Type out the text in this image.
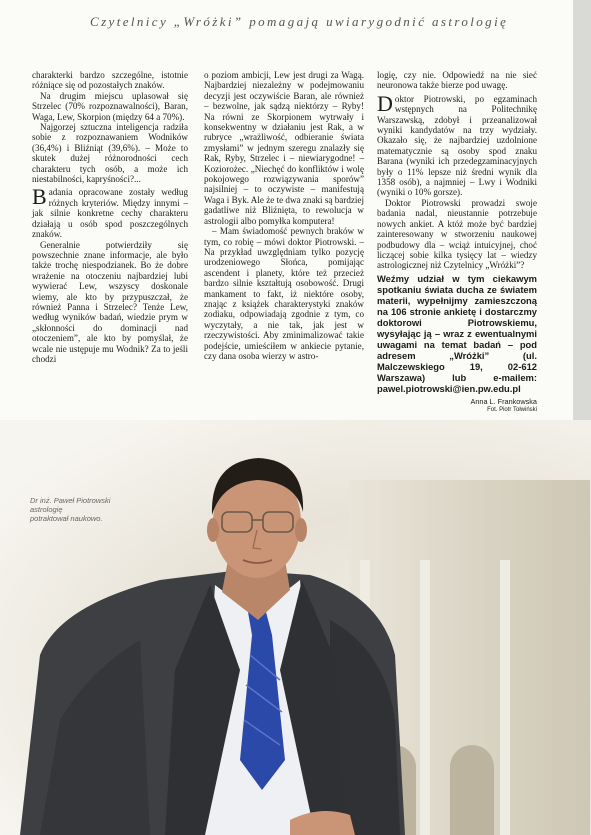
Czytelnicy „Wróżki” pomagają uwiarygodnić astrologię

charakterki bardzo szczególne, istotnie różniące się od pozostałych znaków.

Na drugim miejscu uplasował się Strzelec (70% rozpoznawalności), Baran, Waga, Lew, Skorpion (między 64 a 70%).

Najgorzej sztuczna inteligencja radziła sobie z rozpoznawaniem Wodników (36,4%) i Bliźniąt (39,6%). – Może to skutek dużej różnorodności cech charakteru tych osób, a może ich niestabilności, kapryśności?...

Badania opracowane zostały według różnych kryteriów. Między innymi – jak silnie konkretne cechy charakteru działają u osób spod poszczególnych znaków.

Generalnie potwierdziły się powszechnie znane informacje, ale było także trochę niespodzianek. Bo że dobre wrażenie na otoczeniu najbardziej lubi wywierać Lew, wszyscy doskonale wiemy, ale kto by przypuszczał, że również Panna i Strzelec? Tenże Lew, według wyników badań, wiedzie prym w „skłonności do dominacji nad otoczeniem”, ale kto by pomyślał, że wcale nie ustępuje mu Wodnik? Za to jeśli chodzi

o poziom ambicji, Lew jest drugi za Wagą. Najbardziej niezależny w podejmowaniu decyzji jest oczywiście Baran, ale również – bezwolne, jak sądzą niektórzy – Ryby! Na równi ze Skorpionem wytrwały i konsekwentny w działaniu jest Rak, a w rubryce „wrażliwość, odbieranie świata zmysłami” w jednym szeregu znalazły się Rak, Ryby, Strzelec i – niewiarygodne! – Koziorożec. „Niechęć do konfliktów i wolę pokojowego rozwiązywania sporów” najsilniej – to oczywiste – manifestują Waga i Byk. Ale że te dwa znaki są bardziej gadatliwe niż Bliźnięta, to rewolucja w astrologii albo pomyłka komputera!

– Mam świadomość pewnych braków w tym, co robię – mówi doktor Piotrowski. – Na przykład uwzględniam tylko pozycję urodzeniowego Słońca, pomijając ascendent i planety, które też przecież bardzo silnie kształtują osobowość. Drugi mankament to fakt, iż niektóre osoby, znając z książek charakterystyki znaków zodiaku, odpowiadają zgodnie z tym, co wyczytały, a nie tak, jak jest w rzeczywistości. Aby zminimalizować takie podejście, umieściłem w ankiecie pytanie, czy dana osoba wierzy w astro-

logię, czy nie. Odpowiedź na nie sieć neuronowa także bierze pod uwagę.

Doktor Piotrowski, po egzaminach wstępnych na Politechnikę Warszawską, zdobył i przeanalizował wyniki kandydatów na trzy wydziały. Okazało się, że najbardziej uzdolnione matematycznie są osoby spod znaku Barana (wyniki ich przedegzaminacyjnych były o 11% lepsze niż średni wynik dla 1358 osób), a najmniej – Lwy i Wodniki (wyniki o 10% gorsze).

Doktor Piotrowski prowadzi swoje badania nadal, nieustannie potrzebuje nowych ankiet. A któż może być bardziej zainteresowany w stworzeniu naukowej podbudowy dla – wciąż intuicyjnej, choć liczącej sobie kilka tysięcy lat – wiedzy astrologicznej niż Czytelnicy „Wróżki”?

Weźmy udział w tym ciekawym spotkaniu świata ducha ze światem materii, wypełnijmy zamieszczoną na 106 stronie ankietę i dostarczmy doktorowi Piotrowskiemu, wysyłając ją – wraz z ewentualnymi uwagami na temat badań – pod adresem „Wróżki” (ul. Malczewskiego 19, 02-612 Warszawa) lub e-mailem: pawel.piotrowski@ien.pw.edu.pl
Anna L. Frankowska
Fot. Piotr Tołwiński
Dr inż. Paweł Piotrowski
astrologię
potraktował naukowo.
